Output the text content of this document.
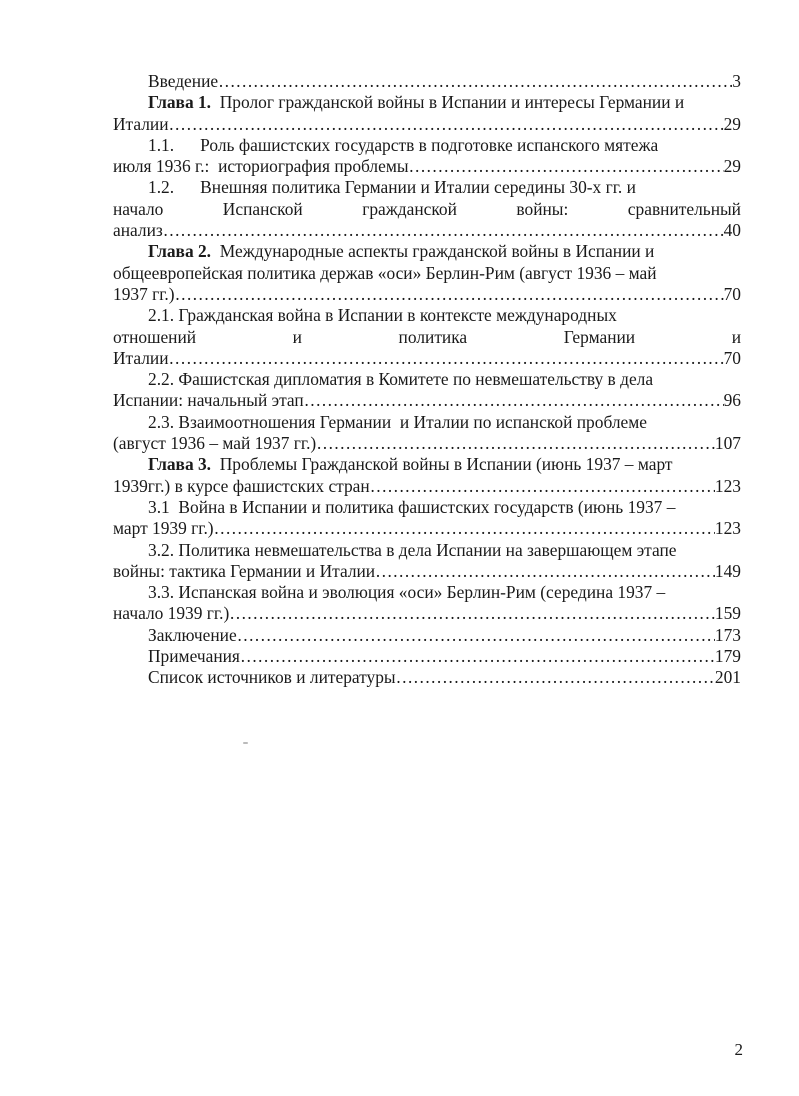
Введение ……………………………………………………………………………………………………………………………………………………………………………………………………………………………………………………………	3
Глава 1. Пролог гражданской войны в Испании и интересы Германии и
Италии ……………………………………………………………………………………………………………………………………………………………………………………………………………………………………………………………	29
1.1.      Роль фашистских государств в подготовке испанского мятежа
июля 1936 г.:  историография проблемы ……………………………………………………………………………………………………………………………………………………………………………………………………………………………………………………………	29
1.2.      Внешняя политика Германии и Италии середины 30-х гг. и
начало Испанской гражданской войны: сравнительный
анализ ……………………………………………………………………………………………………………………………………………………………………………………………………………………………………………………………	40
Глава 2. Международные аспекты гражданской войны в Испании и
общеевропейская политика держав «оси» Берлин-Рим (август 1936 – май
1937 гг.) ……………………………………………………………………………………………………………………………………………………………………………………………………………………………………………………………	70
2.1. Гражданская война в Испании в контексте международных
отношений и политика Германии и
Италии ……………………………………………………………………………………………………………………………………………………………………………………………………………………………………………………………	70
2.2. Фашистская дипломатия в Комитете по невмешательству в дела
Испании: начальный этап ……………………………………………………………………………………………………………………………………………………………………………………………………………………………………………………………	96
2.3. Взаимоотношения Германии  и Италии по испанской проблеме
(август 1936 – май 1937 гг.) ……………………………………………………………………………………………………………………………………………………………………………………………………………………………………………………………	107
Глава 3. Проблемы Гражданской войны в Испании (июнь 1937 – март
1939гг.) в курсе фашистских стран ……………………………………………………………………………………………………………………………………………………………………………………………………………………………………………………………	123
3.1  Война в Испании и политика фашистских государств (июнь 1937 –
март 1939 гг.) ……………………………………………………………………………………………………………………………………………………………………………………………………………………………………………………………	123
3.2. Политика невмешательства в дела Испании на завершающем этапе
войны: тактика Германии и Италии ……………………………………………………………………………………………………………………………………………………………………………………………………………………………………………………………	149
3.3. Испанская война и эволюция «оси» Берлин-Рим (середина 1937 –
начало 1939 гг.) ……………………………………………………………………………………………………………………………………………………………………………………………………………………………………………………………	159
Заключение ……………………………………………………………………………………………………………………………………………………………………………………………………………………………………………………………	173
Примечания ……………………………………………………………………………………………………………………………………………………………………………………………………………………………………………………………	179
Список источников и литературы ……………………………………………………………………………………………………………………………………………………………………………………………………………………………………………………………	201
2
